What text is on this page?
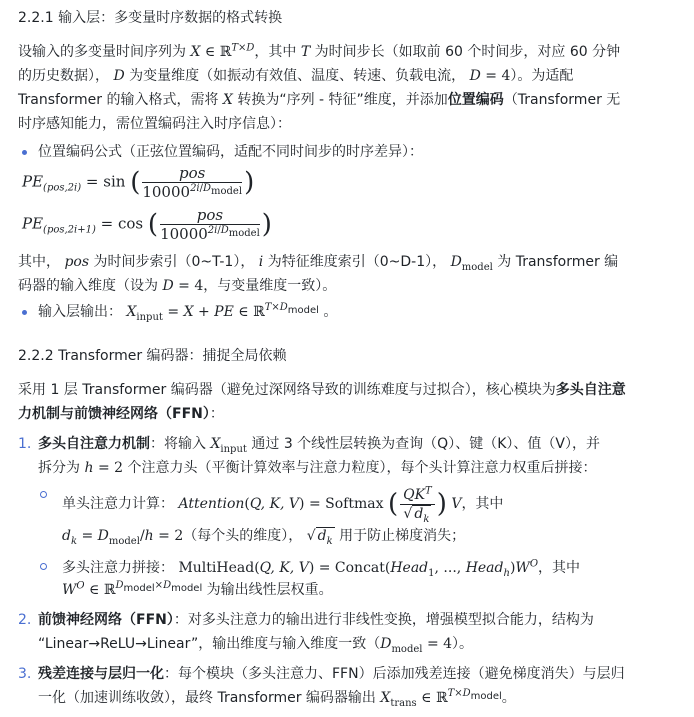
2.2.1 输入层：多变量时序数据的格式转换

设输入的多变量时间序列为 X ∈ ℝ$^{T\times D}$，其中 T 为时间步长（如取前 60 个时间步，对应 60 分钟

的历史数据）， D 为变量维度（如振动有效值、温度、转速、负载电流， D = 4）。为适配

Transformer 的输入格式，需将 X 转换为“序列 - 特征”维度，并添加位置编码（Transformer 无

时序感知能力，需位置编码注入时序信息）：

位置编码公式（正弦位置编码，适配不同时间步的时序差异）：

$PE_{(pos,2i)} = \sin$ ( $\frac{\text{pos}}{10000^{2i/D_{model}}}$ )
$PE_{(pos,2i+1)} = \cos$ ( $\frac{\text{pos}}{10000^{2i/D_{model}}}$ )

其中， pos 为时间步索引（0~T-1）， i 为特征维度索引（0~D-1）， $D_{model}$ 为 Transformer 编

码器的输入维度（设为 D = 4，与变量维度一致）。

输入层输出： $X_{input} = X$ + PE ∈ ℝ$^{T\times D_{model}}$ 。

2.2.2 Transformer 编码器：捕捉全局依赖

采用 1 层 Transformer 编码器（避免过深网络导致的训练难度与过拟合），核心模块为多头自注意

力机制与前馈神经网络（FFN）：

1. 多头自注意力机制：将输入 $X_{input}$ 通过 3 个线性层转换为查询（Q）、键（K）、值（V），并

拆分为 h = 2 个注意力头（平衡计算效率与注意力粒度），每个头计算注意力权重后拼接：

单头注意力计算： Attention(Q, K, V) = Softmax ( $\frac{QK^T}{√ d_k}$ ) V，其中

$d_k = D_{model}/h = 2$（每个头的维度）， √ $d_k$ 用于防止梯度消失；

多头注意力拼接： MultiHead(Q, K, V) = Concat(Head$_1$, ..., $Head_h)W^O$，其中

$W^O$ ∈ ℝ$^{D_{model}\times D_{model}}$ 为输出线性层权重。

2. 前馈神经网络（FFN）：对多头注意力的输出进行非线性变换，增强模型拟合能力，结构为

“Linear→ReLU→Linear”，输出维度与输入维度一致$(D_{model} = 4)$。

3. 残差连接与层归一化：每个模块（多头注意力、FFN）后添加残差连接（避免梯度消失）与层归

一化（加速训练收敛），最终 Transformer 编码器输出 $X_{trans}$ ∈ ℝ$^{T\times D_{model}}$。
